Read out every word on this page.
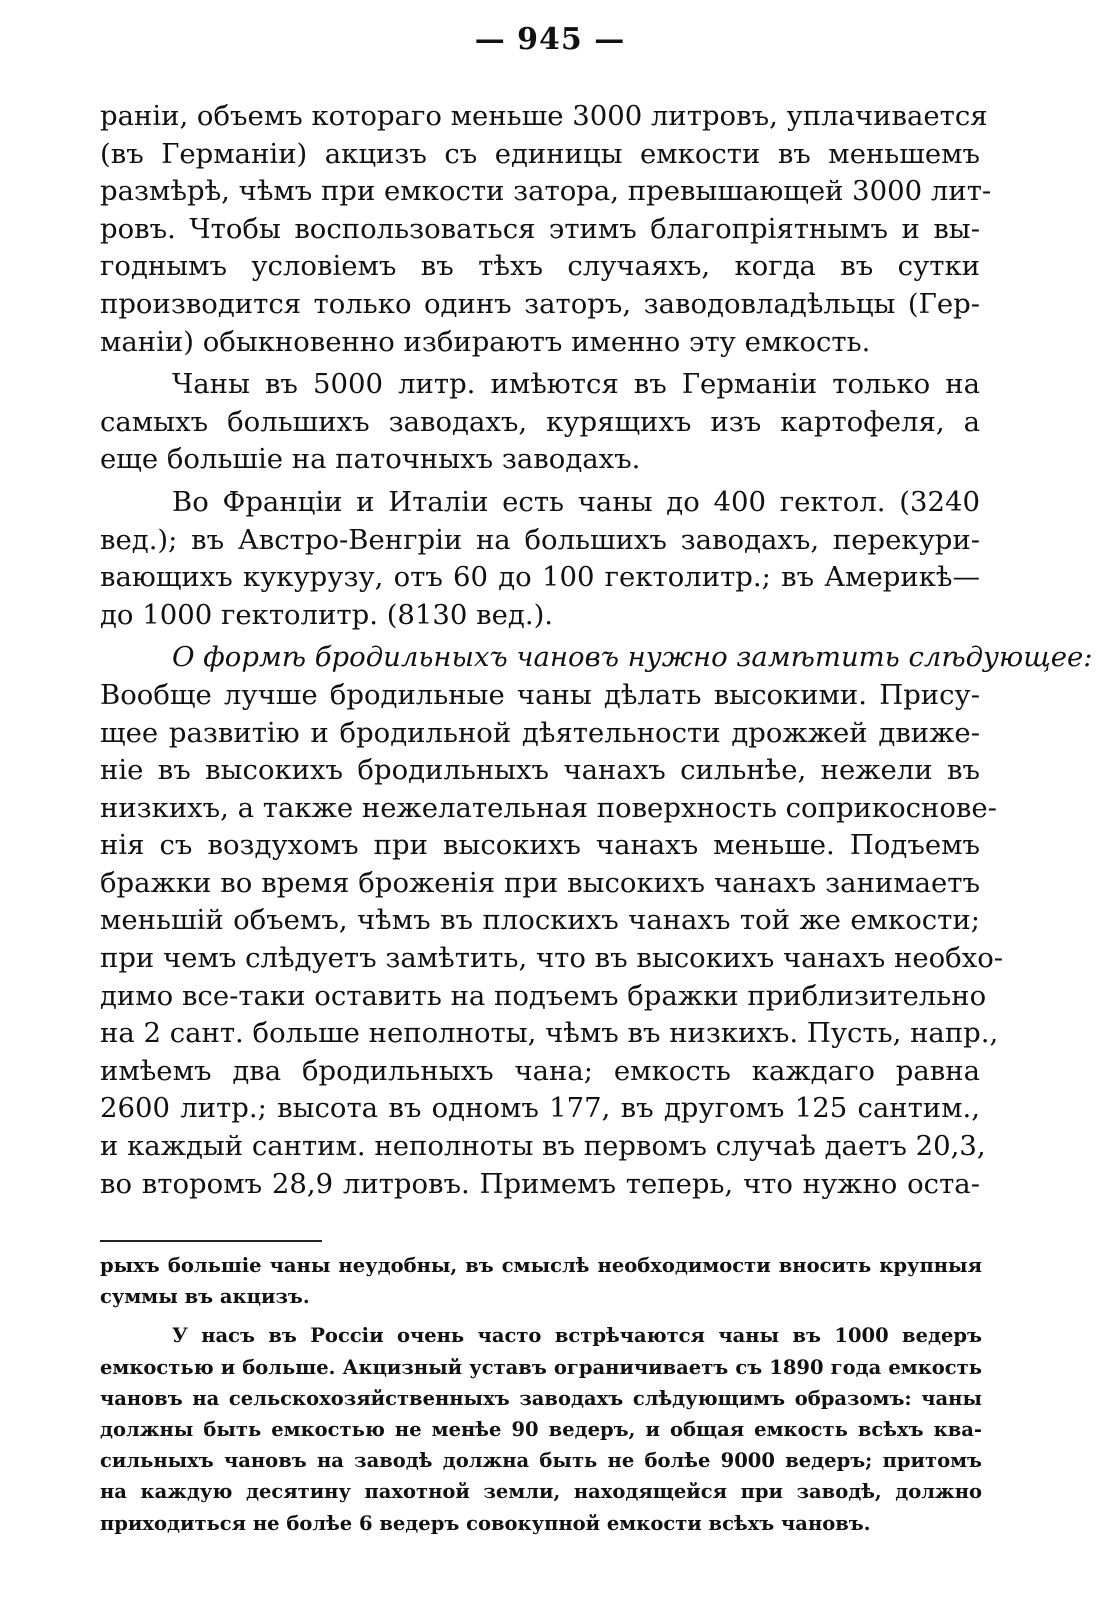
— 945 —
раніи, объемъ котораго меньше 3000 литровъ, уплачивается
(въ Германіи) акцизъ съ единицы емкости въ меньшемъ
размѣрѣ, чѣмъ при емкости затора, превышающей 3000 лит-
ровъ. Чтобы воспользоваться этимъ благопріятнымъ и вы-
годнымъ условіемъ въ тѣхъ случаяхъ, когда въ сутки
производится только одинъ заторъ, заводовладѣльцы (Гер-
маніи) обыкновенно избираютъ именно эту емкость.
Чаны въ 5000 литр. имѣются въ Германіи только на
самыхъ большихъ заводахъ, курящихъ изъ картофеля, а
еще большіе на паточныхъ заводахъ.
Во Франціи и Италіи есть чаны до 400 гектол. (3240
вед.); въ Австро-Венгріи на большихъ заводахъ, перекури-
вающихъ кукурузу, отъ 60 до 100 гектолитр.; въ Америкѣ—
до 1000 гектолитр. (8130 вед.).
О формѣ бродильныхъ чановъ нужно замѣтить слѣдующее:
Вообще лучше бродильные чаны дѣлать высокими. Прису-
щее развитію и бродильной дѣятельности дрожжей движе-
ніе въ высокихъ бродильныхъ чанахъ сильнѣе, нежели въ
низкихъ, а также нежелательная поверхность соприкоснове-
нія съ воздухомъ при высокихъ чанахъ меньше. Подъемъ
бражки во время броженія при высокихъ чанахъ занимаетъ
меньшій объемъ, чѣмъ въ плоскихъ чанахъ той же емкости;
при чемъ слѣдуетъ замѣтить, что въ высокихъ чанахъ необхо-
димо все-таки оставить на подъемъ бражки приблизительно
на 2 сант. больше неполноты, чѣмъ въ низкихъ. Пусть, напр.,
имѣемъ два бродильныхъ чана; емкость каждаго равна
2600 литр.; высота въ одномъ 177, въ другомъ 125 сантим.,
и каждый сантим. неполноты въ первомъ случаѣ даетъ 20,3,
во второмъ 28,9 литровъ. Примемъ теперь, что нужно оста-
рыхъ большіе чаны неудобны, въ смыслѣ необходимости вносить крупныя
суммы въ акцизъ.
У насъ въ Россіи очень часто встрѣчаются чаны въ 1000 ведеръ
емкостью и больше. Акцизный уставъ ограничиваетъ съ 1890 года емкость
чановъ на сельскохозяйственныхъ заводахъ слѣдующимъ образомъ: чаны
должны быть емкостью не менѣе 90 ведеръ, и общая емкость всѣхъ ква-
сильныхъ чановъ на заводѣ должна быть не болѣе 9000 ведеръ; притомъ
на каждую десятину пахотной земли, находящейся при заводѣ, должно
приходиться не болѣе 6 ведеръ совокупной емкости всѣхъ чановъ.
